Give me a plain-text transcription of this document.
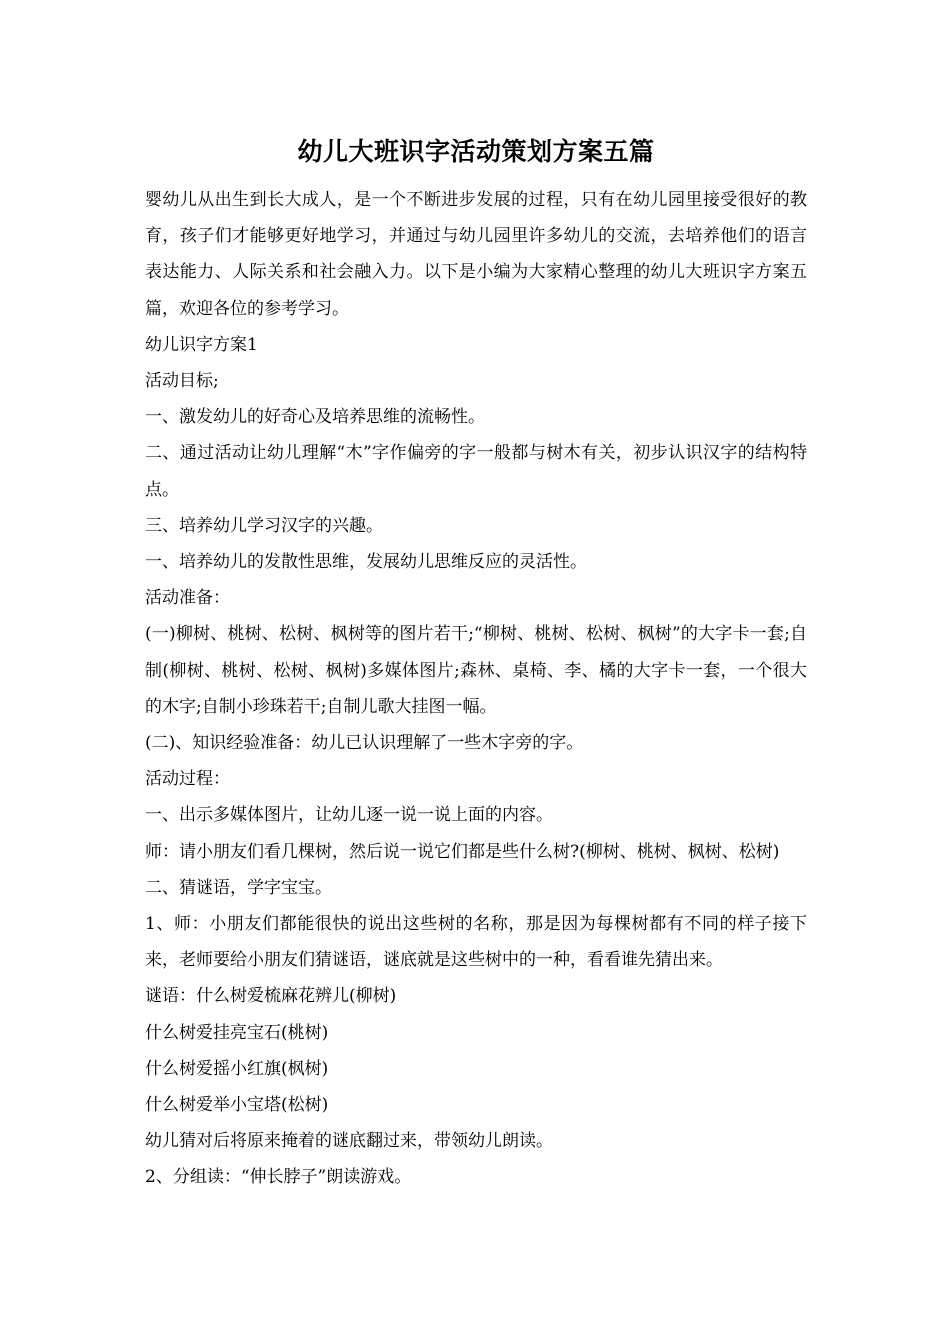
幼儿大班识字活动策划方案五篇

婴幼儿从出生到长大成人，是一个不断进步发展的过程，只有在幼儿园里接受很好的教育，孩子们才能够更好地学习，并通过与幼儿园里许多幼儿的交流，去培养他们的语言表达能力、人际关系和社会融入力。以下是小编为大家精心整理的幼儿大班识字方案五篇，欢迎各位的参考学习。

幼儿识字方案1

活动目标;

一、激发幼儿的好奇心及培养思维的流畅性。

二、通过活动让幼儿理解“木”字作偏旁的字一般都与树木有关，初步认识汉字的结构特点。

三、培养幼儿学习汉字的兴趣。

一、培养幼儿的发散性思维，发展幼儿思维反应的灵活性。

活动准备：

(一)柳树、桃树、松树、枫树等的图片若干;“柳树、桃树、松树、枫树”的大字卡一套;自制(柳树、桃树、松树、枫树)多媒体图片;森林、桌椅、李、橘的大字卡一套，一个很大的木字;自制小珍珠若干;自制儿歌大挂图一幅。

(二)、知识经验准备：幼儿已认识理解了一些木字旁的字。

活动过程：

一、出示多媒体图片，让幼儿逐一说一说上面的内容。

师：请小朋友们看几棵树，然后说一说它们都是些什么树?(柳树、桃树、枫树、松树)

二、猜谜语，学字宝宝。

1、师：小朋友们都能很快的说出这些树的名称，那是因为每棵树都有不同的样子接下来，老师要给小朋友们猜谜语，谜底就是这些树中的一种，看看谁先猜出来。

谜语：什么树爱梳麻花辨儿(柳树)

什么树爱挂亮宝石(桃树)

什么树爱摇小红旗(枫树)

什么树爱举小宝塔(松树)

幼儿猜对后将原来掩着的谜底翻过来，带领幼儿朗读。

2、分组读：“伸长脖子”朗读游戏。
